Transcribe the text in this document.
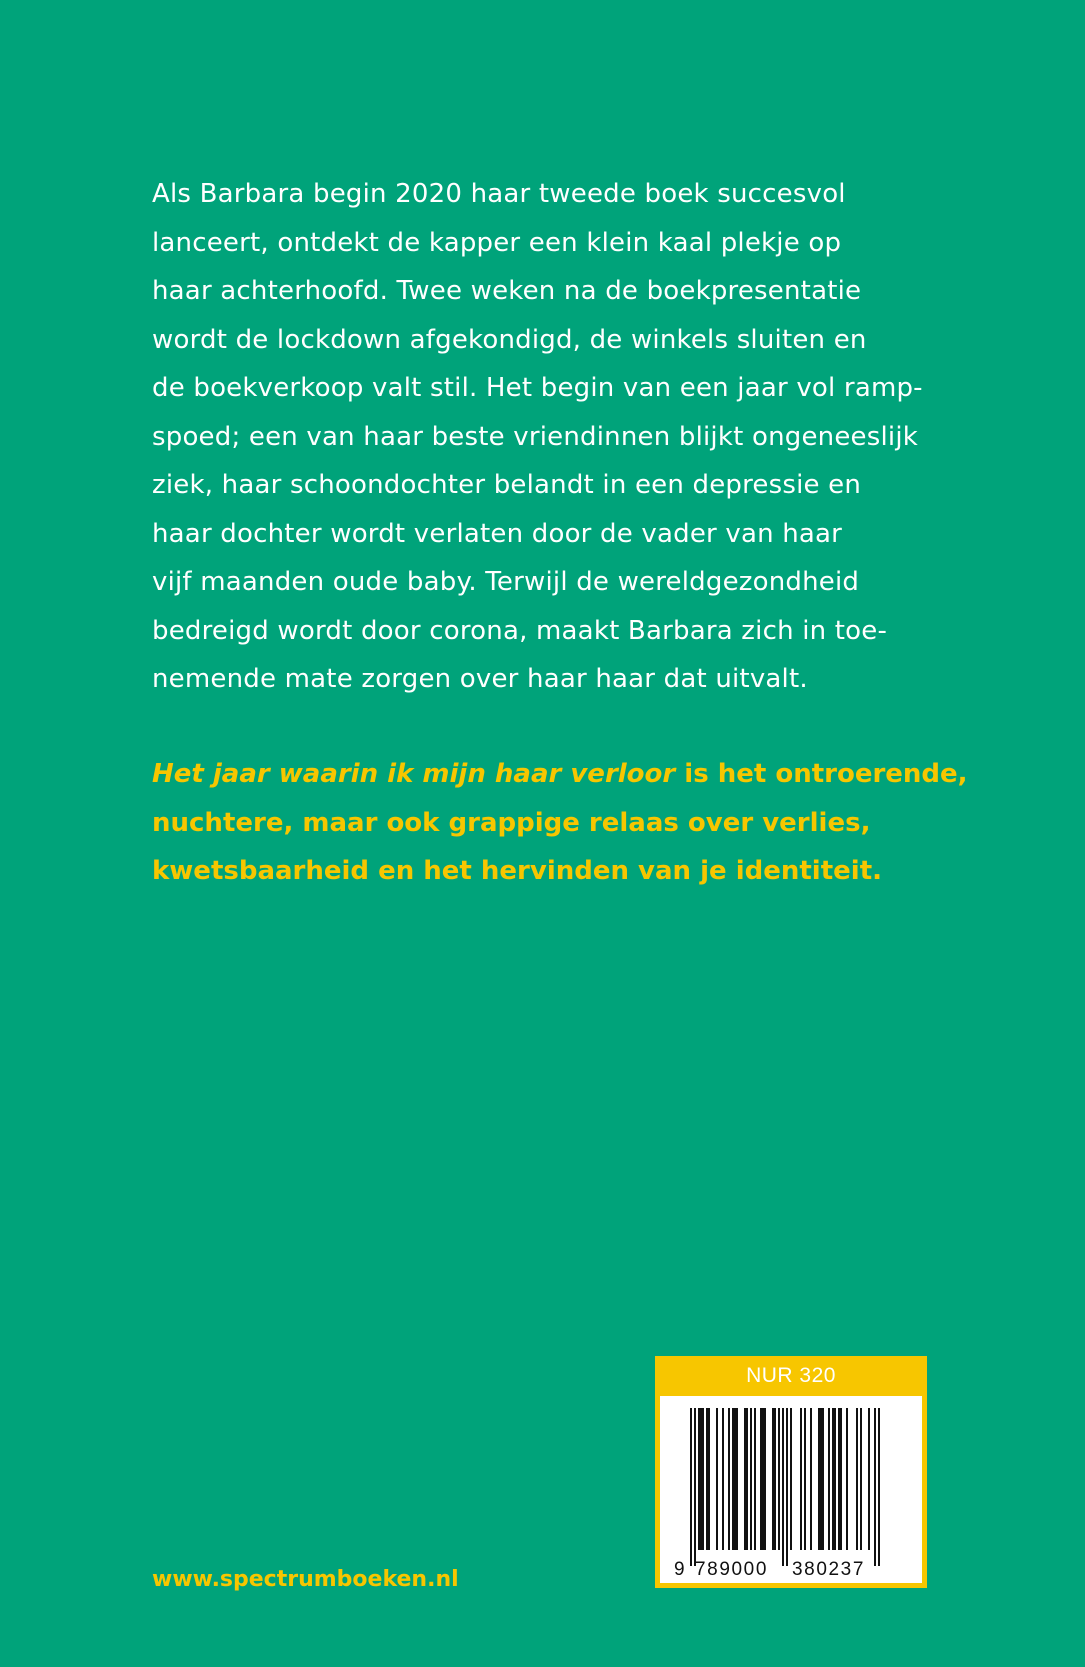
Als Barbara begin 2020 haar tweede boek succesvol
lanceert, ontdekt de kapper een klein kaal plekje op
haar achterhoofd. Twee weken na de boekpresentatie
wordt de lockdown afgekondigd, de winkels sluiten en
de boekverkoop valt stil. Het begin van een jaar vol ramp-
spoed; een van haar beste vriendinnen blijkt ongeneeslijk
ziek, haar schoondochter belandt in een depressie en
haar dochter wordt verlaten door de vader van haar
vijf maanden oude baby. Terwijl de wereldgezondheid
bedreigd wordt door corona, maakt Barbara zich in toe-
nemende mate zorgen over haar haar dat uitvalt.
Het jaar waarin ik mijn haar verloor is het ontroerende,
nuchtere, maar ook grappige relaas over verlies,
kwetsbaarheid en het hervinden van je identiteit.
www.spectrumboeken.nl
NUR 320
9 789000 380237
